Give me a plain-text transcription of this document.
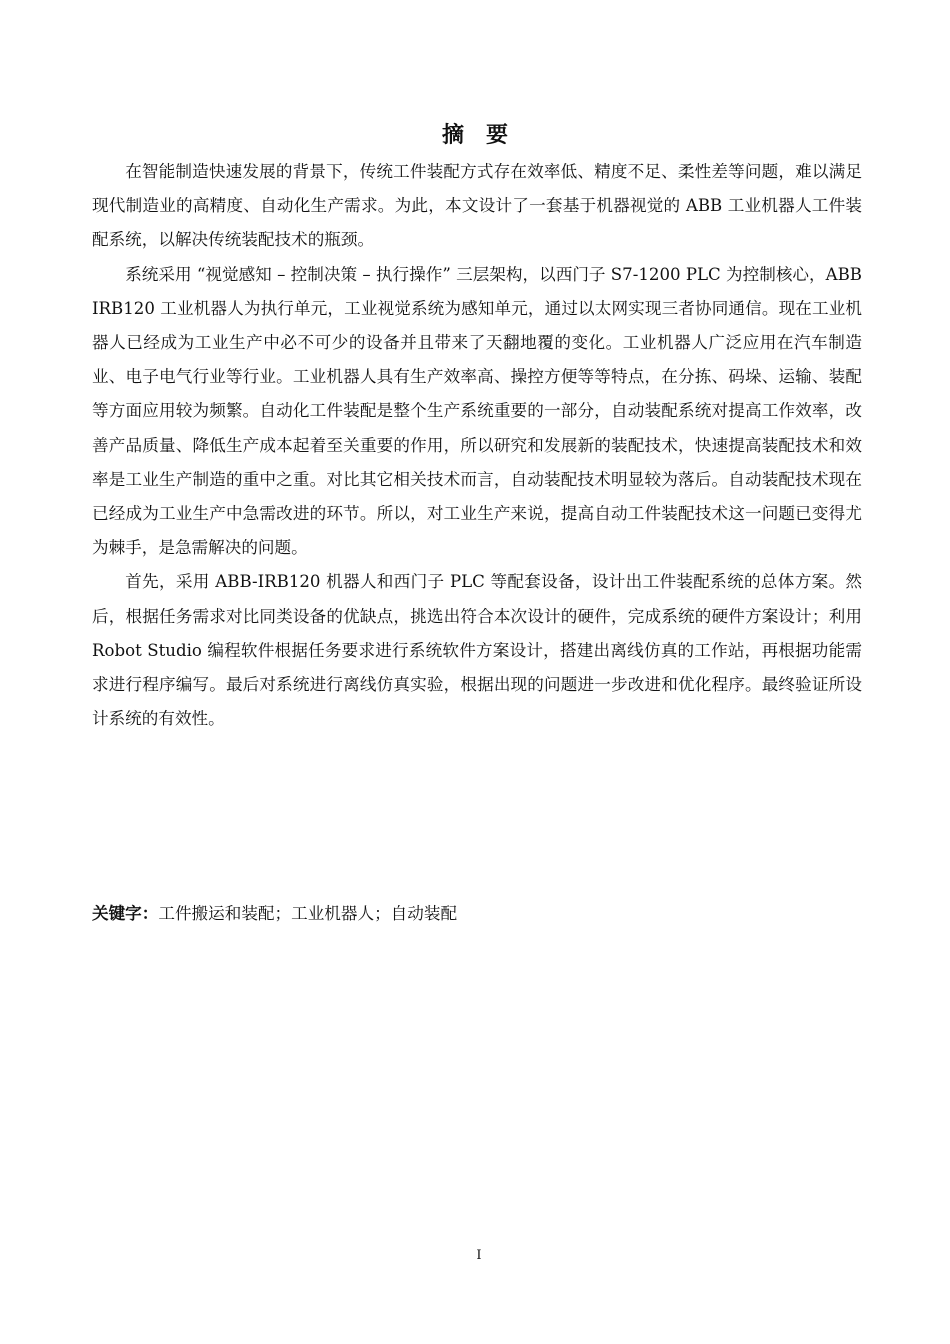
摘要

在智能制造快速发展的背景下，传统工件装配方式存在效率低、精度不足、柔性差等问题，难以满足现代制造业的高精度、自动化生产需求。为此，本文设计了一套基于机器视觉的 ABB 工业机器人工件装配系统，以解决传统装配技术的瓶颈。

系统采用 “视觉感知 – 控制决策 – 执行操作” 三层架构，以西门子 S7-1200 PLC 为控制核心，ABB IRB120 工业机器人为执行单元，工业视觉系统为感知单元，通过以太网实现三者协同通信。现在工业机器人已经成为工业生产中必不可少的设备并且带来了天翻地覆的变化。工业机器人广泛应用在汽车制造业、电子电气行业等行业。工业机器人具有生产效率高、操控方便等等特点，在分拣、码垛、运输、装配等方面应用较为频繁。自动化工件装配是整个生产系统重要的一部分，自动装配系统对提高工作效率，改善产品质量、降低生产成本起着至关重要的作用，所以研究和发展新的装配技术，快速提高装配技术和效率是工业生产制造的重中之重。对比其它相关技术而言，自动装配技术明显较为落后。自动装配技术现在已经成为工业生产中急需改进的环节。所以，对工业生产来说，提高自动工件装配技术这一问题已变得尤为棘手，是急需解决的问题。

首先，采用 ABB-IRB120 机器人和西门子 PLC 等配套设备，设计出工件装配系统的总体方案。然后，根据任务需求对比同类设备的优缺点，挑选出符合本次设计的硬件，完成系统的硬件方案设计；利用 Robot Studio 编程软件根据任务要求进行系统软件方案设计，搭建出离线仿真的工作站，再根据功能需求进行程序编写。最后对系统进行离线仿真实验，根据出现的问题进一步改进和优化程序。最终验证所设计系统的有效性。

关键字：工件搬运和装配；工业机器人；自动装配
I
